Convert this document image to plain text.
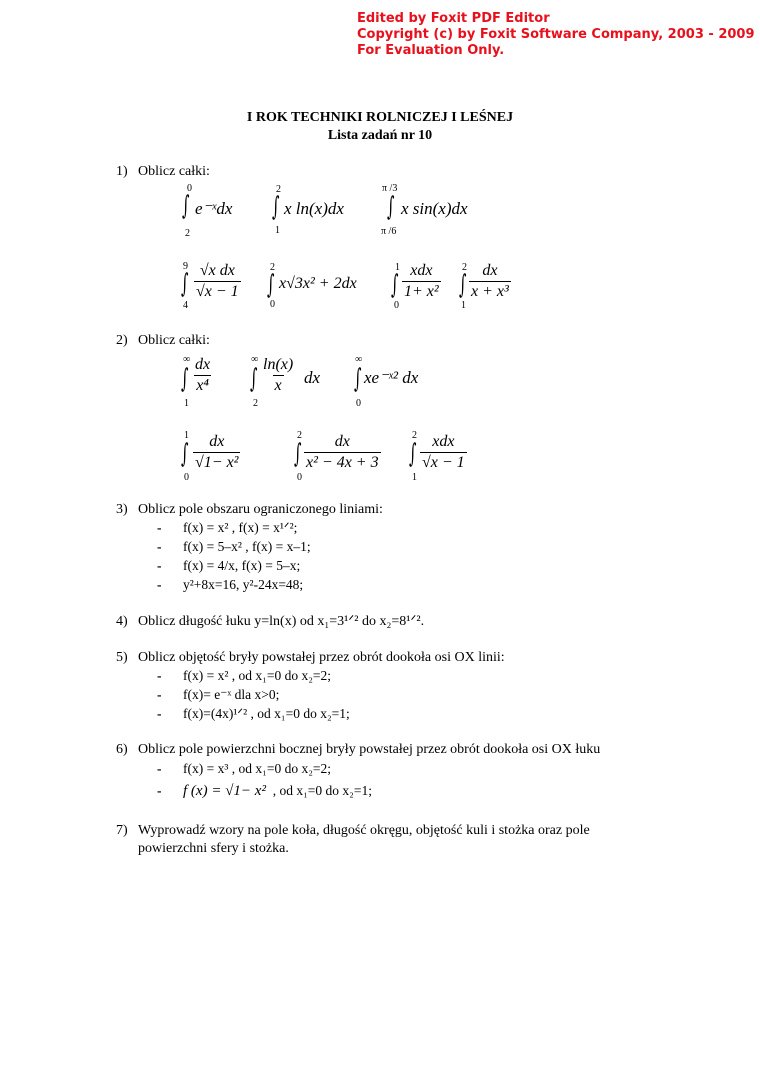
Edited by Foxit PDF Editor
Copyright (c) by Foxit Software Company, 2003 - 2009
For Evaluation Only.
I ROK TECHNIKI ROLNICZEJ I LEŚNEJ
Lista zadań nr 10
1) Oblicz całki:
0
∫ e⁻ˣdx
2
2
∫ x ln(x)dx
1
π /3
∫ x sin(x)dx
π /6
9
∫ $\frac{\text{√x dx}}{√x - 1}$
4
2
∫ x√3x² + 2dx
0
1
∫ xdx
1+ x²
0
2
∫ $\frac{dx}{\text{x + x³}}$
1
2) Oblicz całki:
∞
∫ $\frac{dx}{\text{x⁴}}$
1
∞
∫ $\frac{\ln(x)}{x}$ dx
2
∞
∫ xe⁻ˣ² dx
0
1
∫ $\frac{dx}{\text{√1− x²}}$
0
2
∫ $\frac{dx}{\text{x² − 4x + 3}}$
0
2
∫ xdx
√x − 1
1
3) Oblicz pole obszaru ograniczonego liniami:
- f(x) = x² , f(x) = x¹ᐟ²;
- f(x) = 5–x² , f(x) = x–1;
- f(x) = 4/x, f(x) = 5–x;
- y²+8x=16, y²-24x=48;
4) Oblicz długość łuku y=ln(x) od x₁=3¹ᐟ² do x₂=8¹ᐟ².
5) Oblicz objętość bryły powstałej przez obrót dookoła osi OX linii:
- f(x) = x² , od x₁=0 do x₂=2;
- f(x)= e⁻ˣ dla x>0;
- f(x)=(4x)¹ᐟ² , od x₁=0 do x₂=1;
6) Oblicz pole powierzchni bocznej bryły powstałej przez obrót dookoła osi OX łuku
- f(x) = x³ , od x₁=0 do x₂=2;
- f (x) = √1− x² , od x₁=0 do x₂=1;
7) Wyprowadź wzory na pole koła, długość okręgu, objętość kuli i stożka oraz pole
powierzchni sfery i stożka.
